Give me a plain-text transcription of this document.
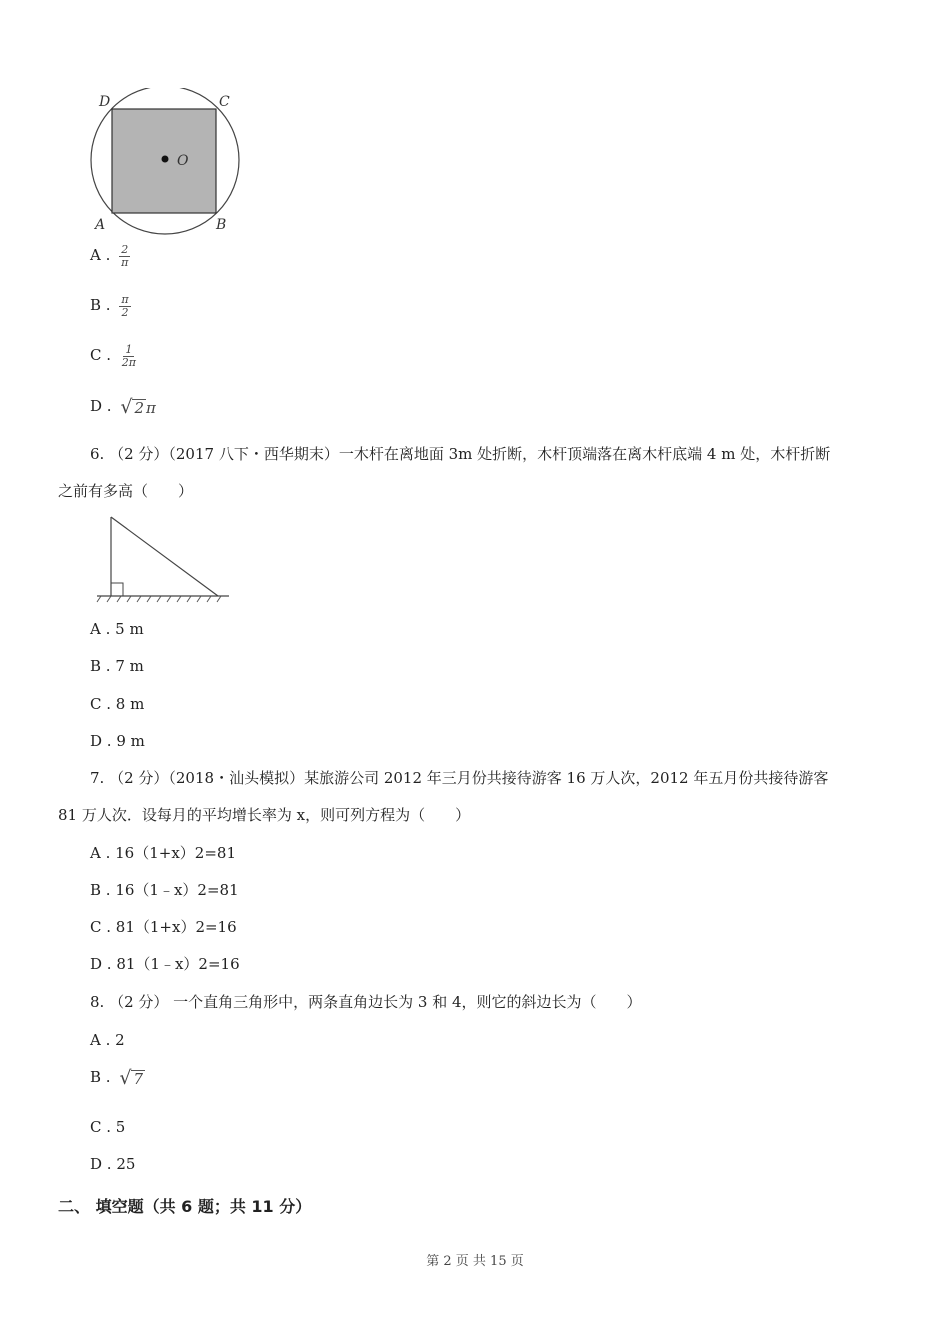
D	C
A	B
O
A . $\frac{2}{\pi}$
B . $\frac{\pi}{2}$
C . $\frac{1}{2\pi}$
D . √ 2 π
6. （2 分）（2017 八下・西华期末）一木杆在离地面 3m 处折断，木杆顶端落在离木杆底端 4 m 处，木杆折断
之前有多高（　　）
A . 5 m
B . 7 m
C . 8 m
D . 9 m
7. （2 分）（2018・汕头模拟）某旅游公司 2012 年三月份共接待游客 16 万人次，2012 年五月份共接待游客
81 万人次．设每月的平均增长率为 x，则可列方程为（　　）
A . 16（1+x）2=81
B . 16（1﹣x）2=81
C . 81（1+x）2=16
D . 81（1﹣x）2=16
8. （2 分） 一个直角三角形中，两条直角边长为 3 和 4，则它的斜边长为（　　）
A . 2
B . √ 7
C . 5
D . 25
二、 填空题（共 6 题；共 11 分）
第 2 页 共 15 页
